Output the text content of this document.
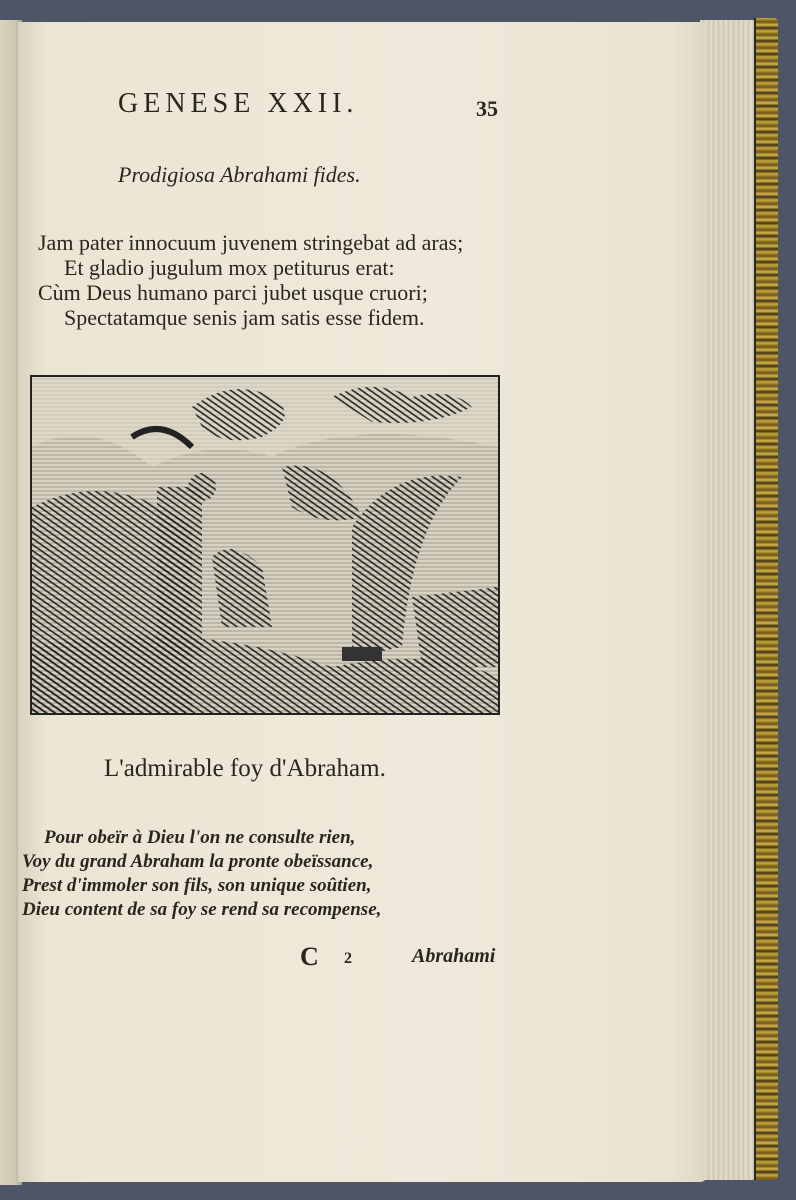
GENESE XXII.	35
Prodigiosa Abrahami fides.
Jam pater innocuum juvenem stringebat ad aras;
Et gladio jugulum mox petiturus erat:
Cùm Deus humano parci jubet usque cruori;
Spectatamque senis jam satis esse fidem.
L'admirable foy d'Abraham.
Pour obeïr à Dieu l'on ne consulte rien,
Voy du grand Abraham la pronte obeïssance,
Prest d'immoler son fils, son unique soûtien,
Dieu content de sa foy se rend sa recompense,
C 2	Abrahami
